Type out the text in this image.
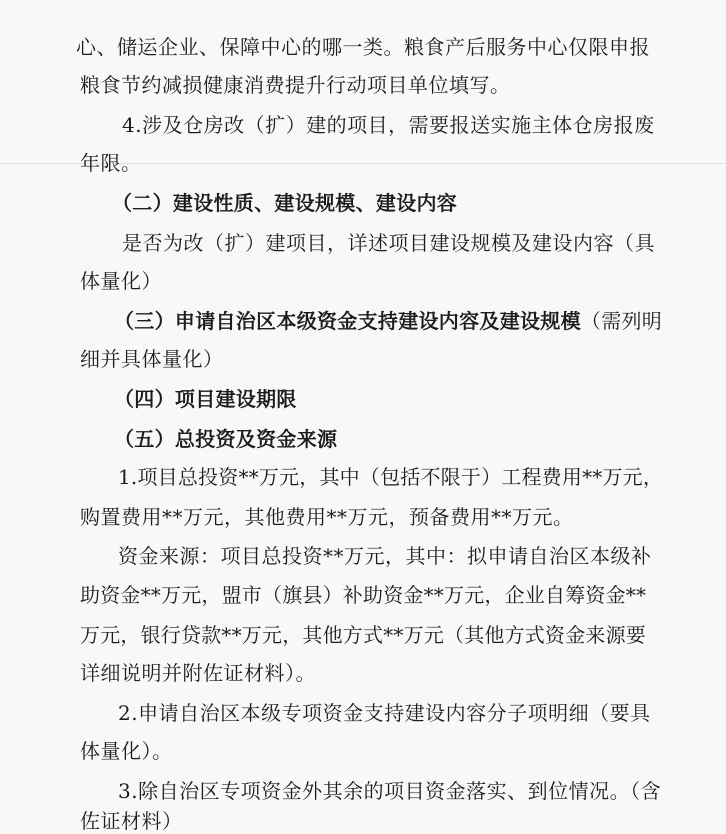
心、储运企业、保障中心的哪一类。粮食产后服务中心仅限申报
粮食节约减损健康消费提升行动项目单位填写。
4.涉及仓房改（扩）建的项目，需要报送实施主体仓房报废
年限。
（二）建设性质、建设规模、建设内容
是否为改（扩）建项目，详述项目建设规模及建设内容（具
体量化）
（三）申请自治区本级资金支持建设内容及建设规模（需列明
细并具体量化）
（四）项目建设期限
（五）总投资及资金来源
1.项目总投资**万元，其中（包括不限于）工程费用**万元，
购置费用**万元，其他费用**万元，预备费用**万元。
资金来源：项目总投资**万元，其中：拟申请自治区本级补
助资金**万元，盟市（旗县）补助资金**万元，企业自筹资金**
万元，银行贷款**万元，其他方式**万元（其他方式资金来源要
详细说明并附佐证材料）。
2.申请自治区本级专项资金支持建设内容分子项明细（要具
体量化）。
3.除自治区专项资金外其余的项目资金落实、到位情况。（含
佐证材料）
